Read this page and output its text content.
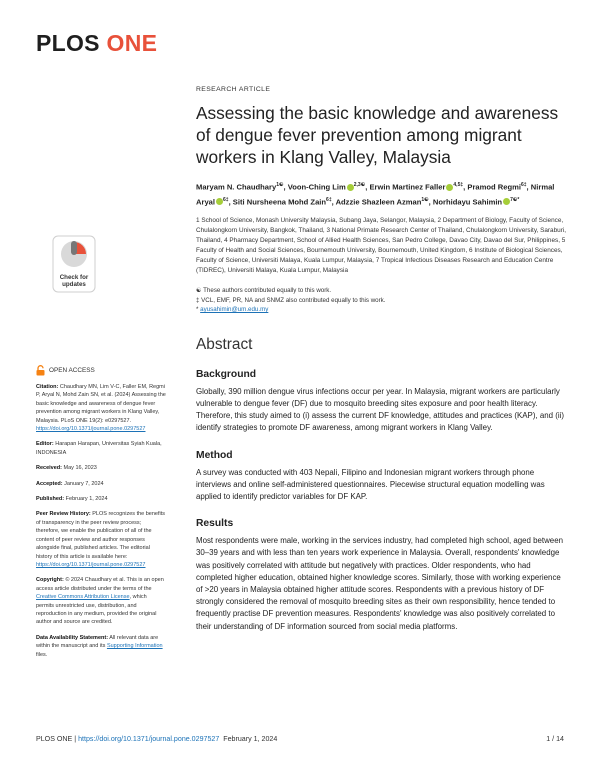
PLOS ONE
Check for
updates
OPEN ACCESS
Citation: Chaudhary MN, Lim V-C, Faller EM, Regmi P, Aryal N, Mohd Zain SN, et al. (2024) Assessing the basic knowledge and awareness of dengue fever prevention among migrant workers in Klang Valley, Malaysia. PLoS ONE 19(2): e0297527. https://doi.org/10.1371/journal.pone.0297527
Editor: Harapan Harapan, Universitas Syiah Kuala, INDONESIA
Received: May 16, 2023
Accepted: January 7, 2024
Published: February 1, 2024
Peer Review History: PLOS recognizes the benefits of transparency in the peer review process; therefore, we enable the publication of all of the content of peer review and author responses alongside final, published articles. The editorial history of this article is available here: https://doi.org/10.1371/journal.pone.0297527
Copyright: © 2024 Chaudhary et al. This is an open access article distributed under the terms of the Creative Commons Attribution License, which permits unrestricted use, distribution, and reproduction in any medium, provided the original author and source are credited.
Data Availability Statement: All relevant data are within the manuscript and its Supporting Information files.
RESEARCH ARTICLE
Assessing the basic knowledge and awareness of dengue fever prevention among migrant workers in Klang Valley, Malaysia
Maryam N. Chaudhary$^{1☯}$, Voon-Ching Lim $^{2,3☯}$, Erwin Martinez Faller $^{4,5\ddagger}$, Pramod Regmi$^{6\ddagger}$, Nirmal Aryal $^{6\ddagger}$, Siti Nursheena Mohd Zain$^{6\ddagger}$, Adzzie Shazleen Azman$^{1☯}$, Norhidayu Sahimin $^{7☯*}$
1 School of Science, Monash University Malaysia, Subang Jaya, Selangor, Malaysia, 2 Department of Biology, Faculty of Science, Chulalongkorn University, Bangkok, Thailand, 3 National Primate Research Center of Thailand, Chulalongkorn University, Saraburi, Thailand, 4 Pharmacy Department, School of Allied Health Sciences, San Pedro College, Davao City, Davao del Sur, Philippines, 5 Faculty of Health and Social Sciences, Bournemouth University, Bournemouth, United Kingdom, 6 Institute of Biological Sciences, Faculty of Science, Universiti Malaya, Kuala Lumpur, Malaysia, 7 Tropical Infectious Diseases Research and Education Centre (TIDREC), Universiti Malaya, Kuala Lumpur, Malaysia
☯ These authors contributed equally to this work.
‡ VCL, EMF, PR, NA and SNMZ also contributed equally to this work.
* ayusahimin@um.edu.my
Abstract
Background

Globally, 390 million dengue virus infections occur per year. In Malaysia, migrant workers are particularly vulnerable to dengue fever (DF) due to mosquito breeding sites exposure and poor health literacy. Therefore, this study aimed to (i) assess the current DF knowledge, attitudes and practices (KAP), and (ii) identify strategies to promote DF awareness, among migrant workers in Klang Valley.

Method

A survey was conducted with 403 Nepali, Filipino and Indonesian migrant workers through phone interviews and online self-administered questionnaires. Piecewise structural equation modelling was applied to identify predictor variables for DF KAP.

Results

Most respondents were male, working in the services industry, had completed high school, aged between 30–39 years and with less than ten years work experience in Malaysia. Overall, respondents' knowledge was positively correlated with attitude but negatively with practices. Older respondents, who had completed higher education, obtained higher knowledge scores. Similarly, those with working experience of >20 years in Malaysia obtained higher attitude scores. Respondents with a previous history of DF strongly considered the removal of mosquito breeding sites as their own responsibility, hence tended to frequently practise DF prevention measures. Respondents' knowledge was also positively correlated to their understanding of DF information sourced from social media platforms.

PLOS ONE | https://doi.org/10.1371/journal.pone.0297527 February 1, 2024	1 / 14
